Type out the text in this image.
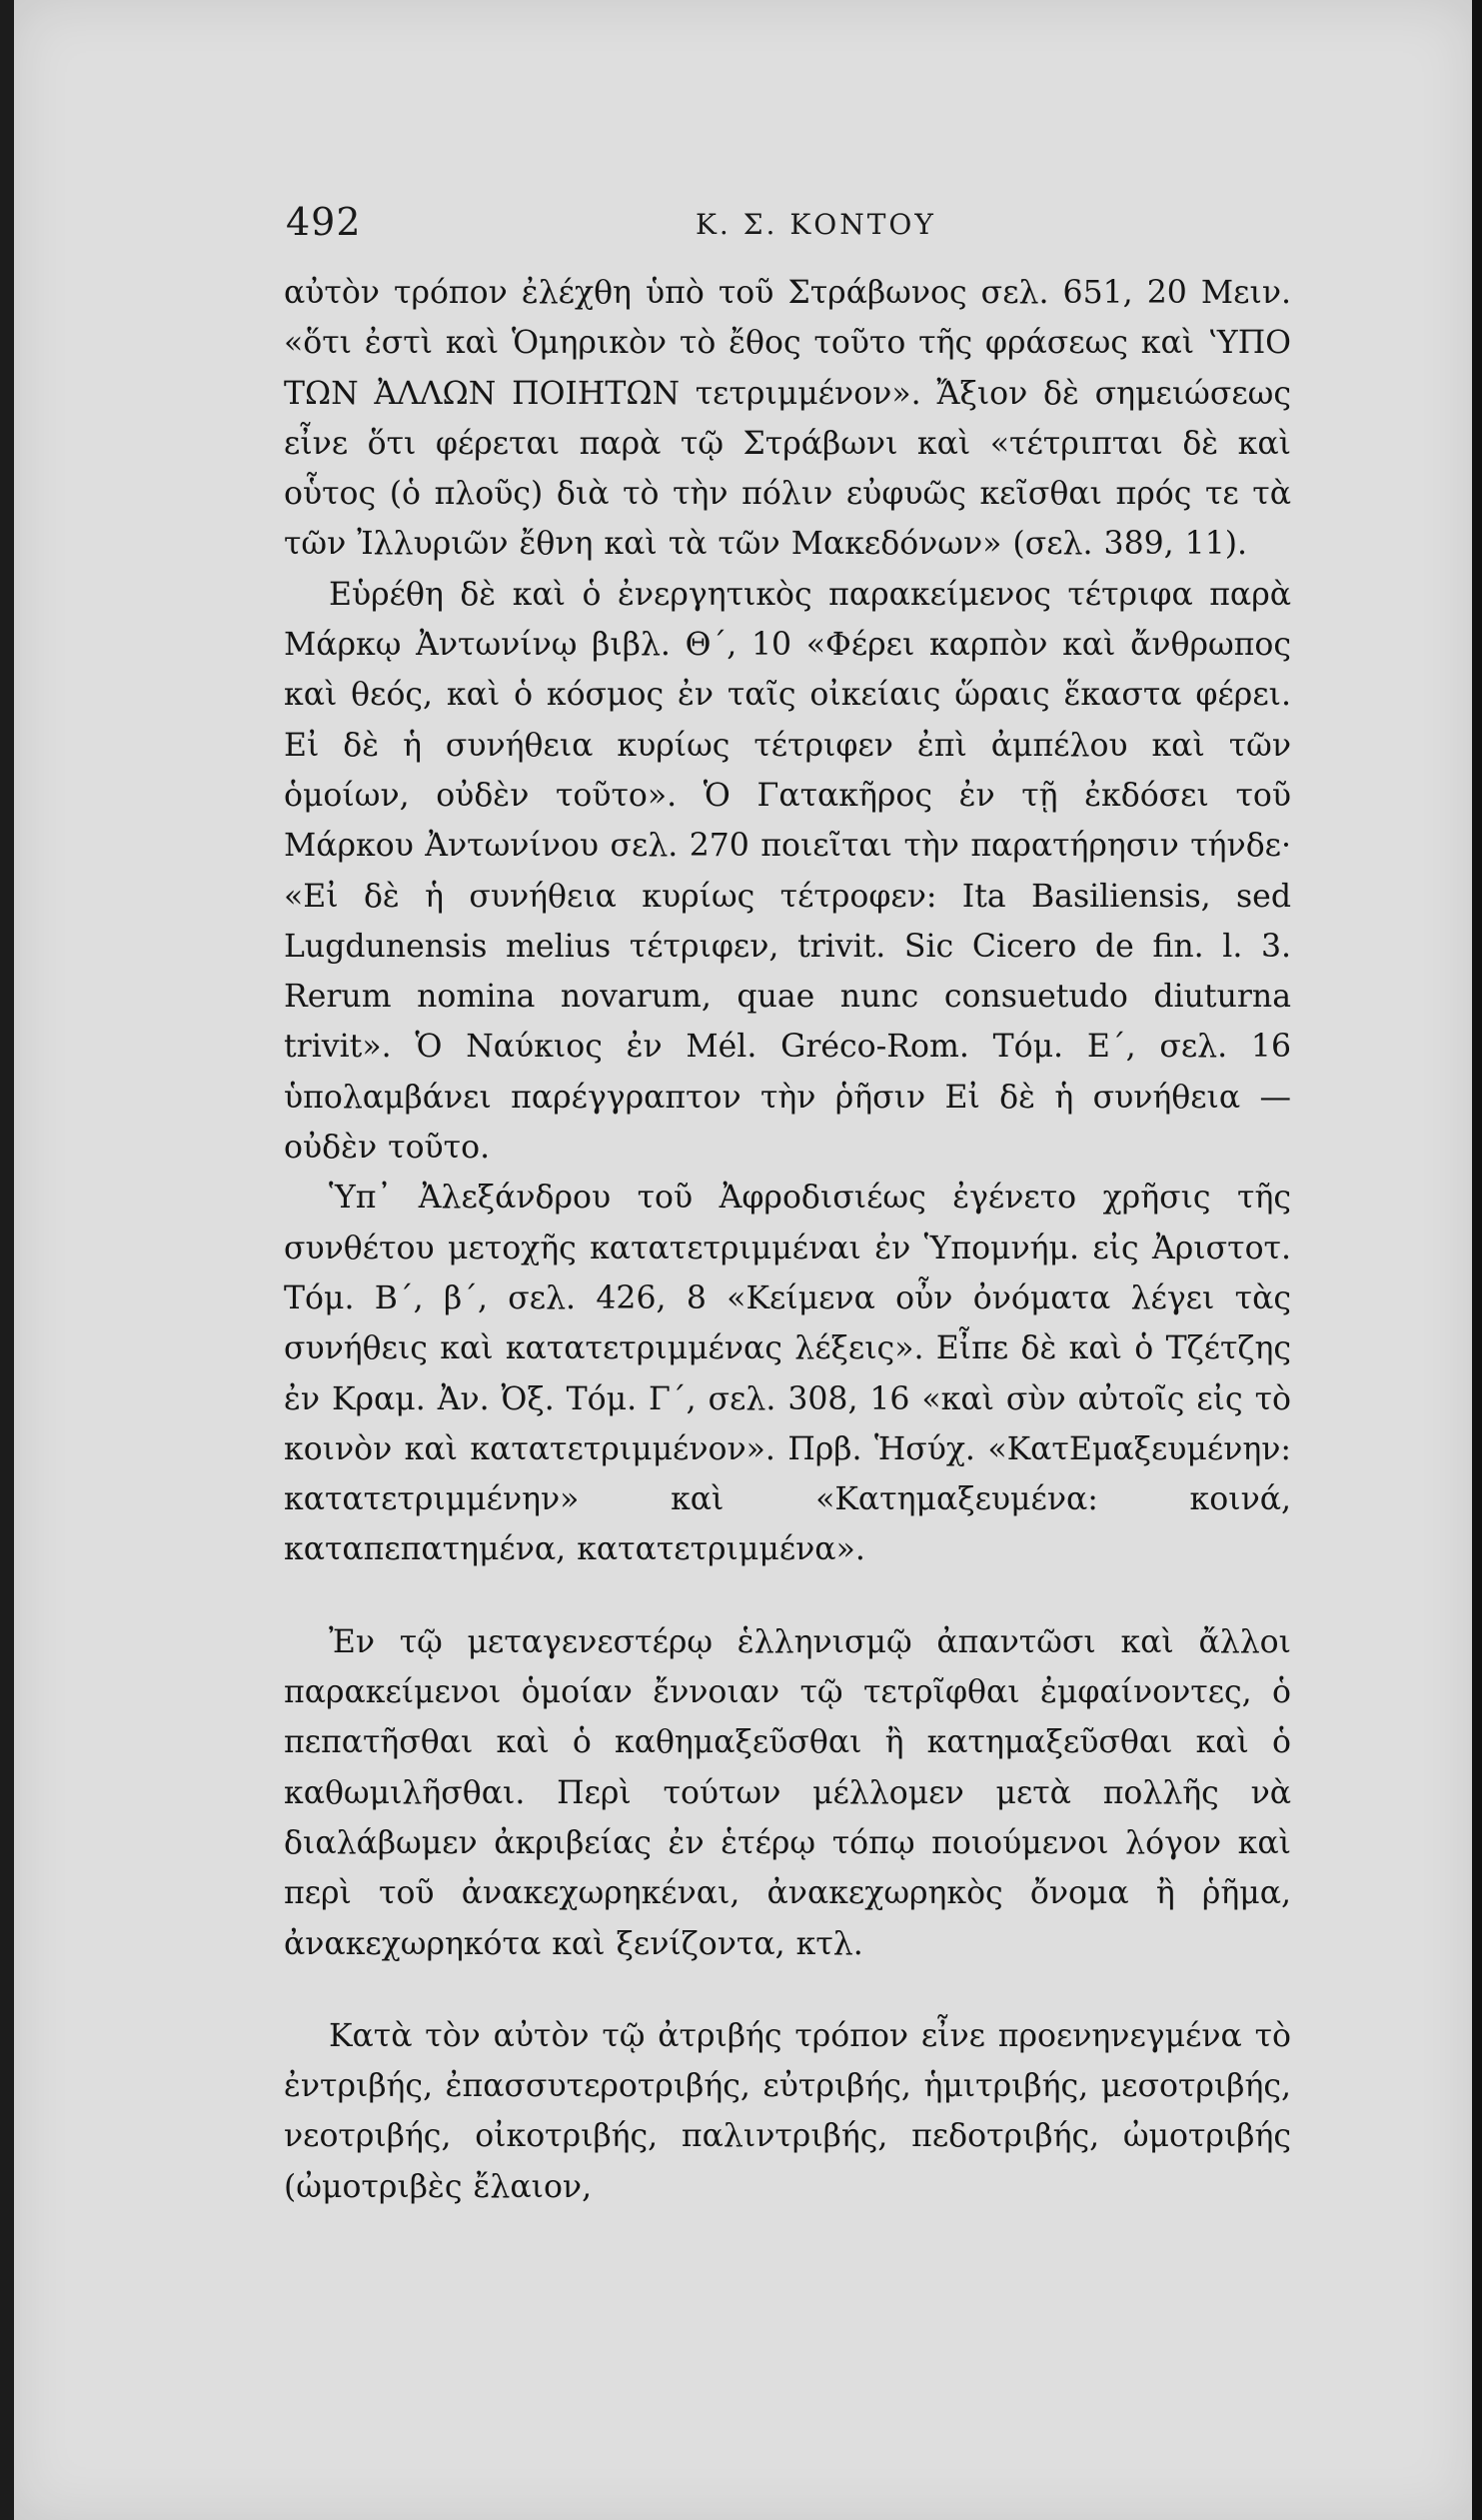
492	Κ. Σ. ΚΟΝΤΟΥ

αὐτὸν τρόπον ἐλέχθη ὑπὸ τοῦ Στράβωνος σελ. 651, 20 Μειν. «ὅτι ἐστὶ καὶ Ὁμηρικὸν τὸ ἔθος τοῦτο τῆς φράσεως καὶ ʽΥΠΟ ΤΩΝ ἈΛΛΩΝ ΠΟΙΗΤΩΝ τετριμμένον». Ἄξιον δὲ σημειώσεως εἶνε ὅτι φέρεται παρὰ τῷ Στράβωνι καὶ «τέτριπται δὲ καὶ οὗτος (ὁ πλοῦς) διὰ τὸ τὴν πόλιν εὐφυῶς κεῖσθαι πρός τε τὰ τῶν Ἰλλυριῶν ἔθνη καὶ τὰ τῶν Μακεδόνων» (σελ. 389, 11).

Εὑρέθη δὲ καὶ ὁ ἐνεργητικὸς παρακείμενος τέτριφα παρὰ Μάρκῳ Ἀντωνίνῳ βιβλ. Θ΄, 10 «Φέρει καρπὸν καὶ ἄνθρωπος καὶ θεός, καὶ ὁ κόσμος ἐν ταῖς οἰκείαις ὥραις ἕκαστα φέρει. Εἰ δὲ ἡ συνήθεια κυρίως τέτριφεν ἐπὶ ἀμπέλου καὶ τῶν ὁμοίων, οὐδὲν τοῦτο». Ὁ Γατακῆρος ἐν τῇ ἐκδόσει τοῦ Μάρκου Ἀντωνίνου σελ. 270 ποιεῖται τὴν παρατήρησιν τήνδε· «Εἰ δὲ ἡ συνήθεια κυρίως τέτροφεν: Ita Basiliensis, sed Lugdunensis melius τέτριφεν, trivit. Sic Cicero de fin. l. 3. Rerum nomina novarum, quae nunc consuetudo diuturna trivit». Ὁ Ναύκιος ἐν Mél. Gréco-Rom. Τόμ. Ε΄, σελ. 16 ὑπολαμβάνει παρέγγραπτον τὴν ῥῆσιν Εἰ δὲ ἡ συνήθεια — οὐδὲν τοῦτο.

Ὑπ᾽ Ἀλεξάνδρου τοῦ Ἀφροδισιέως ἐγένετο χρῆσις τῆς συνθέτου μετοχῆς κατατετριμμέναι ἐν Ὑπομνήμ. εἰς Ἀριστοτ. Τόμ. Β΄, β΄, σελ. 426, 8 «Κείμενα οὖν ὀνόματα λέγει τὰς συνήθεις καὶ κατατετριμμένας λέξεις». Εἶπε δὲ καὶ ὁ Τζέτζης ἐν Κραμ. Ἀν. Ὀξ. Τόμ. Γ΄, σελ. 308, 16 «καὶ σὺν αὐτοῖς εἰς τὸ κοινὸν καὶ κατατετριμμένον». Πρβ. Ἡσύχ. «ΚατΕμαξευμένην: κατατετριμμένην» καὶ «Κατημαξευμένα: κοινά, καταπεπατημένα, κατατετριμμένα».

Ἐν τῷ μεταγενεστέρῳ ἑλληνισμῷ ἀπαντῶσι καὶ ἄλλοι παρακείμενοι ὁμοίαν ἔννοιαν τῷ τετρῖφθαι ἐμφαίνοντες, ὁ πεπατῆσθαι καὶ ὁ καθημαξεῦσθαι ἢ κατημαξεῦσθαι καὶ ὁ καθωμιλῆσθαι. Περὶ τούτων μέλλομεν μετὰ πολλῆς νὰ διαλάβωμεν ἀκριβείας ἐν ἑτέρῳ τόπῳ ποιούμενοι λόγον καὶ περὶ τοῦ ἀνακεχωρηκέναι, ἀνακεχωρηκὸς ὄνομα ἢ ῥῆμα, ἀνακεχωρηκότα καὶ ξενίζοντα, κτλ.

Κατὰ τὸν αὐτὸν τῷ ἀτριβής τρόπον εἶνε προενηνεγμένα τὸ ἐντριβής, ἐπασσυτεροτριβής, εὐτριβής, ἡμιτριβής, μεσοτριβής, νεοτριβής, οἰκοτριβής, παλιντριβής, πεδοτριβής, ὠμοτριβής (ὠμοτριβὲς ἔλαιον,
